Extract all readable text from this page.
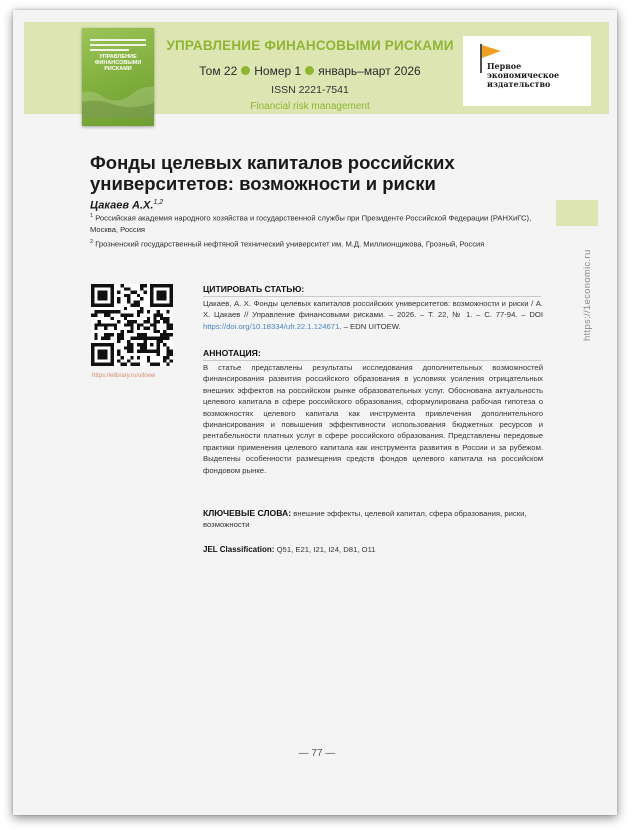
УПРАВЛЕНИЕ ФИНАНСОВЫМИ РИСКАМИ
УПРАВЛЕНИЕ ФИНАНСОВЫМИ РИСКАМИ
Том 22 Номер 1 январь–март 2026
ISSN 2221-7541
Financial risk management
Первое экономическое издательство
https://1economic.ru
Фонды целевых капиталов российских университетов: возможности и риски
Цакаев А.Х.$^{1,2}$
$^1$ Российская академия народного хозяйства и государственной службы при Президенте Российской Федерации (РАНХиГС), Москва, Россия
$^2$ Грозненский государственный нефтяной технический университет им. М.Д. Миллионщикова, Грозный, Россия
https://elibrary.ru/uitoew
ЦИТИРОВАТЬ СТАТЬЮ:
Цакаев, А. Х. Фонды целевых капиталов российских университетов: возможности и риски / А. Х. Цакаев // Управление финансовыми рисками. – 2026. – Т. 22, № 1. – С. 77-94. – DOI https://doi.org/10.18334/ufr.22.1.124671. – EDN UITOEW.
АННОТАЦИЯ:
В статье представлены результаты исследования дополнительных возможностей финансирования развития российского образования в условиях усиления отрицательных внешних эффектов на российском рынке образовательных услуг. Обоснована актуальность целевого капитала в сфере российского образования, сформулирована рабочая гипотеза о возможностях целевого капитала как инструмента привлечения дополнительного финансирования и повышения эффективности использования бюджетных ресурсов и рентабельности платных услуг в сфере российского образования. Представлены передовые практики применения целевого капитала как инструмента развития в России и за рубежом. Выделены особенности размещения средств фондов целевого капитала на российском фондовом рынке.
КЛЮЧЕВЫЕ СЛОВА: внешние эффекты, целевой капитал, сфера образования, риски, возможности
JEL Classification: Q51, E21, I21, I24, D81, O11
— 77 —
